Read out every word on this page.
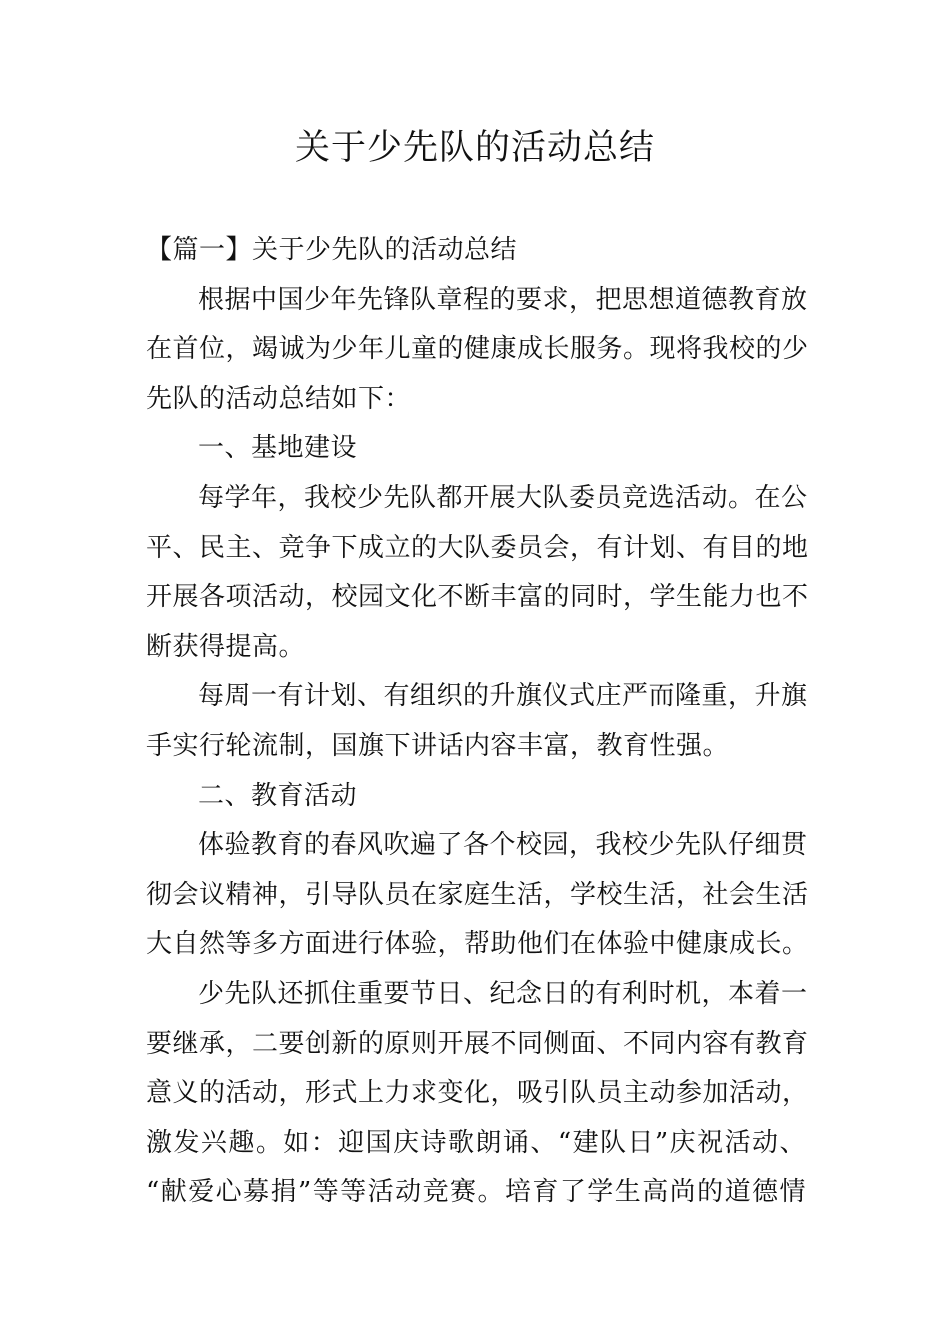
关于少先队的活动总结
【篇一】关于少先队的活动总结
根据中国少年先锋队章程的要求，把思想道德教育放
在首位，竭诚为少年儿童的健康成长服务。现将我校的少
先队的活动总结如下：
一、基地建设
每学年，我校少先队都开展大队委员竞选活动。在公
平、民主、竞争下成立的大队委员会，有计划、有目的地
开展各项活动，校园文化不断丰富的同时，学生能力也不
断获得提高。
每周一有计划、有组织的升旗仪式庄严而隆重，升旗
手实行轮流制，国旗下讲话内容丰富，教育性强。
二、教育活动
体验教育的春风吹遍了各个校园，我校少先队仔细贯
彻会议精神，引导队员在家庭生活，学校生活，社会生活
大自然等多方面进行体验，帮助他们在体验中健康成长。
少先队还抓住重要节日、纪念日的有利时机，本着一
要继承，二要创新的原则开展不同侧面、不同内容有教育
意义的活动，形式上力求变化，吸引队员主动参加活动，
激发兴趣。如：迎国庆诗歌朗诵、“建队日”庆祝活动、
“献爱心募捐”等等活动竞赛。培育了学生高尚的道德情
